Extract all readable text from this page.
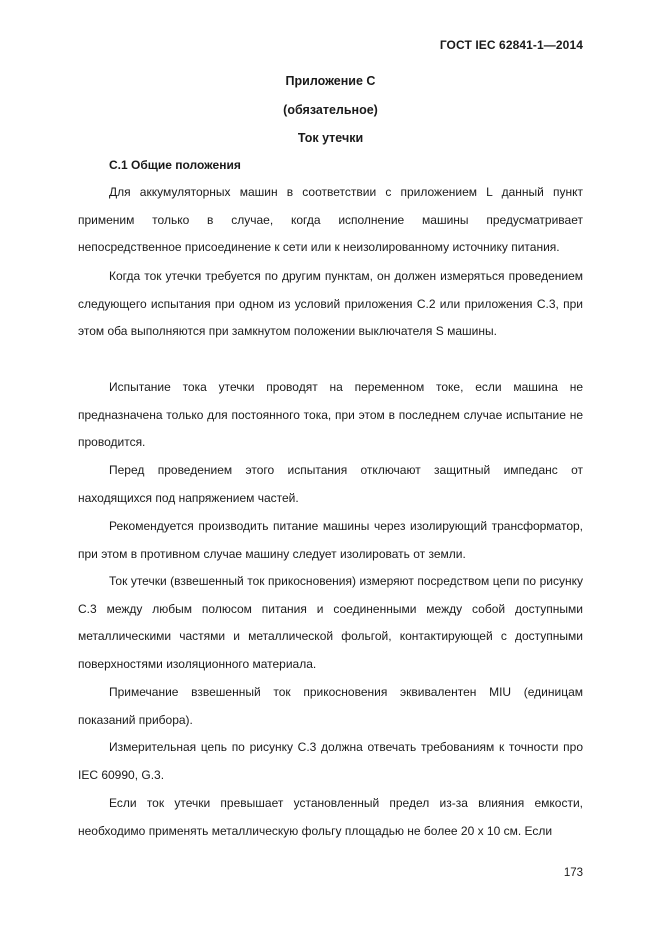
ГОСТ IEC 62841-1—2014
Приложение С
(обязательное)
Ток утечки
С.1 Общие положения

Для аккумуляторных машин в соответствии с приложением L данный пункт применим только в случае, когда исполнение машины предусматривает непосредственное присоединение к сети или к неизолированному источнику питания.

Когда ток утечки требуется по другим пунктам, он должен измеряться проведением следующего испытания при одном из условий приложения С.2 или приложения С.3, при этом оба выполняются при замкнутом положении выключателя S машины.

Испытание тока утечки проводят на переменном токе, если машина не предназначена только для постоянного тока, при этом в последнем случае испытание не проводится.

Перед проведением этого испытания отключают защитный импеданс от находящихся под напряжением частей.

Рекомендуется производить питание машины через изолирующий трансформатор, при этом в противном случае машину следует изолировать от земли.

Ток утечки (взвешенный ток прикосновения) измеряют посредством цепи по рисунку С.3 между любым полюсом питания и соединенными между собой доступными металлическими частями и металлической фольгой, контактирующей с доступными поверхностями изоляционного материала.

Примечание взвешенный ток прикосновения эквивалентен MIU (единицам показаний прибора).

Измерительная цепь по рисунку С.3 должна отвечать требованиям к точности про IEC 60990, G.3.

Если ток утечки превышает установленный предел из-за влияния емкости, необходимо применять металлическую фольгу площадью не более 20 х 10 см. Если

173
